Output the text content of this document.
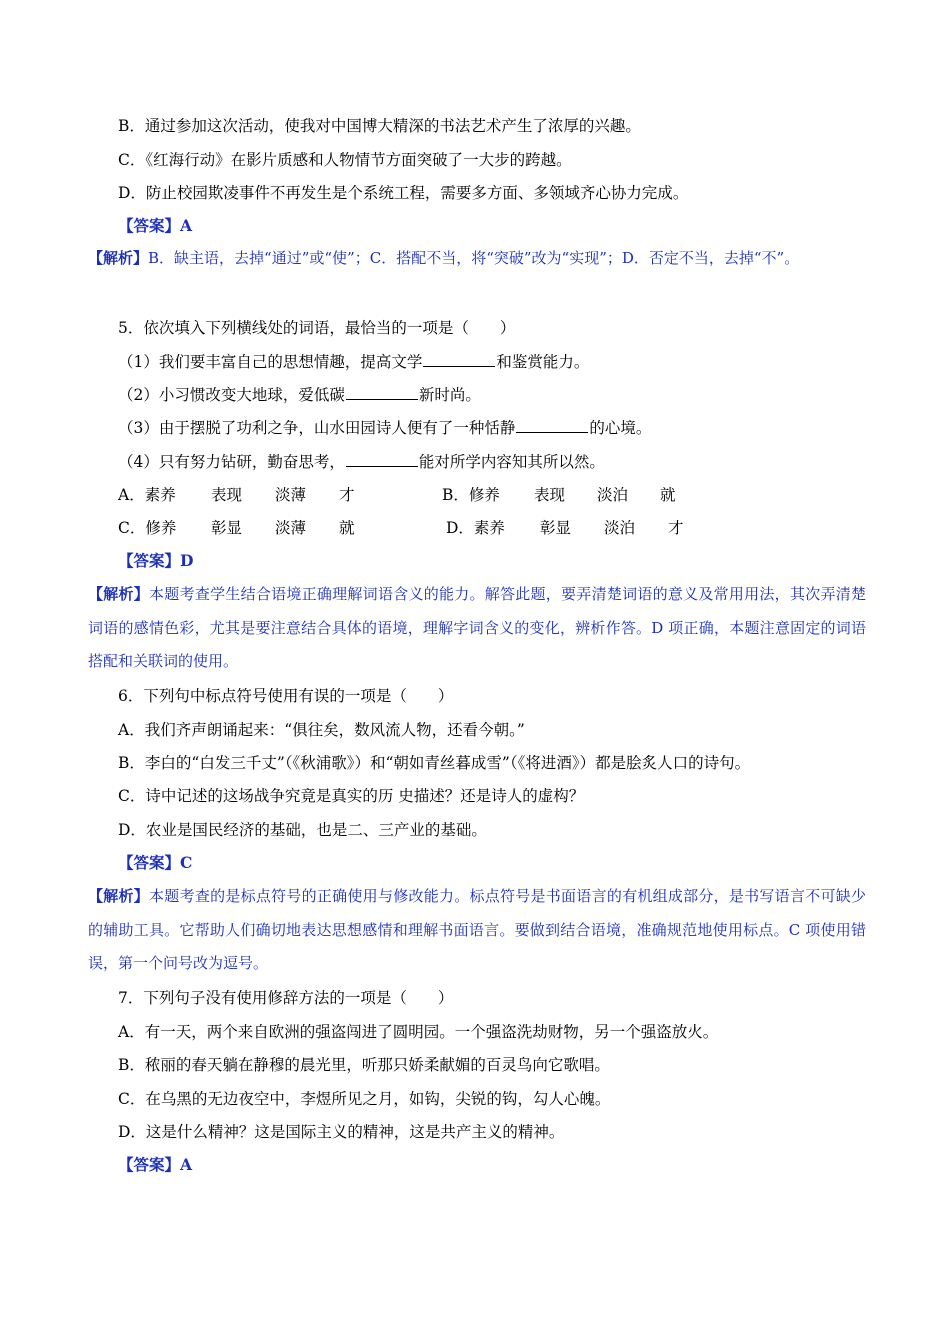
B．通过参加这次活动，使我对中国博大精深的书法艺术产生了浓厚的兴趣。
C．《红海行动》在影片质感和人物情节方面突破了一大步的跨越。
D．防止校园欺凌事件不再发生是个系统工程，需要多方面、多领域齐心协力完成。
【答案】A
【解析】B．缺主语，去掉“通过”或“使”；C．搭配不当，将“突破”改为“实现”；D．否定不当，去掉“不”。
5．依次填入下列横线处的词语，最恰当的一项是（　　）
（1）我们要丰富自己的思想情趣，提高文学	和鉴赏能力。
（2）小习惯改变大地球，爱低碳	新时尚。
（3）由于摆脱了功利之争，山水田园诗人便有了一种恬静	的心境。
（4）只有努力钻研，勤奋思考，	能对所学内容知其所以然。
A．素养 表现 淡薄 才	B．修养 表现 淡泊 就
C．修养 彰显 淡薄 就	D．素养 彰显 淡泊 才
【答案】D
【解析】本题考查学生结合语境正确理解词语含义的能力。解答此题，要弄清楚词语的意义及常用用法，其次弄清楚词语的感情色彩，尤其是要注意结合具体的语境，理解字词含义的变化，辨析作答。D 项正确，本题注意固定的词语搭配和关联词的使用。
6．下列句中标点符号使用有误的一项是（　　）
A．我们齐声朗诵起来：“俱往矣，数风流人物，还看今朝。”
B．李白的“白发三千丈”（《秋浦歌》）和“朝如青丝暮成雪”（《将进酒》）都是脍炙人口的诗句。
C．诗中记述的这场战争究竟是真实的历 史描述？还是诗人的虚构？
D．农业是国民经济的基础，也是二、三产业的基础。
【答案】C
【解析】本题考查的是标点符号的正确使用与修改能力。标点符号是书面语言的有机组成部分，是书写语言不可缺少的辅助工具。它帮助人们确切地表达思想感情和理解书面语言。要做到结合语境，准确规范地使用标点。C 项使用错误，第一个问号改为逗号。
7．下列句子没有使用修辞方法的一项是（　　）
A．有一天，两个来自欧洲的强盗闯进了圆明园。一个强盗洗劫财物，另一个强盗放火。
B．秾丽的春天躺在静穆的晨光里，听那只娇柔献媚的百灵鸟向它歌唱。
C．在乌黑的无边夜空中，李煜所见之月，如钩，尖锐的钩，勾人心魄。
D．这是什么精神？这是国际主义的精神，这是共产主义的精神。
【答案】A
